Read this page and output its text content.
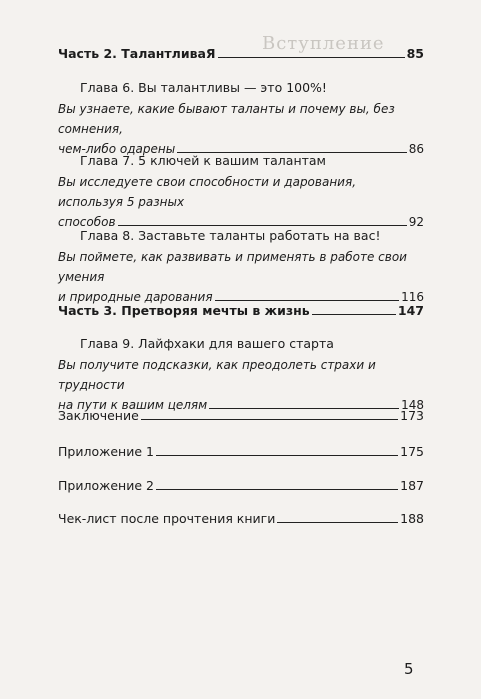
Вступление
Часть 2. ТалантливаЯ	85
Глава 6. Вы талантливы — это 100%!
Вы узнаете, какие бывают таланты и почему вы, без сомнения,
чем-либо одарены	86
Глава 7. 5 ключей к вашим талантам
Вы исследуете свои способности и дарования, используя 5 разных
способов	92
Глава 8. Заставьте таланты работать на вас!
Вы поймете, как развивать и применять в работе свои умения
и природные дарования	116
Часть 3. Претворяя мечты в жизнь	147
Глава 9. Лайфхаки для вашего старта
Вы получите подсказки, как преодолеть страхи и трудности
на пути к вашим целям	148
Заключение	173
Приложение 1	175
Приложение 2	187
Чек-лист после прочтения книги	188
5
